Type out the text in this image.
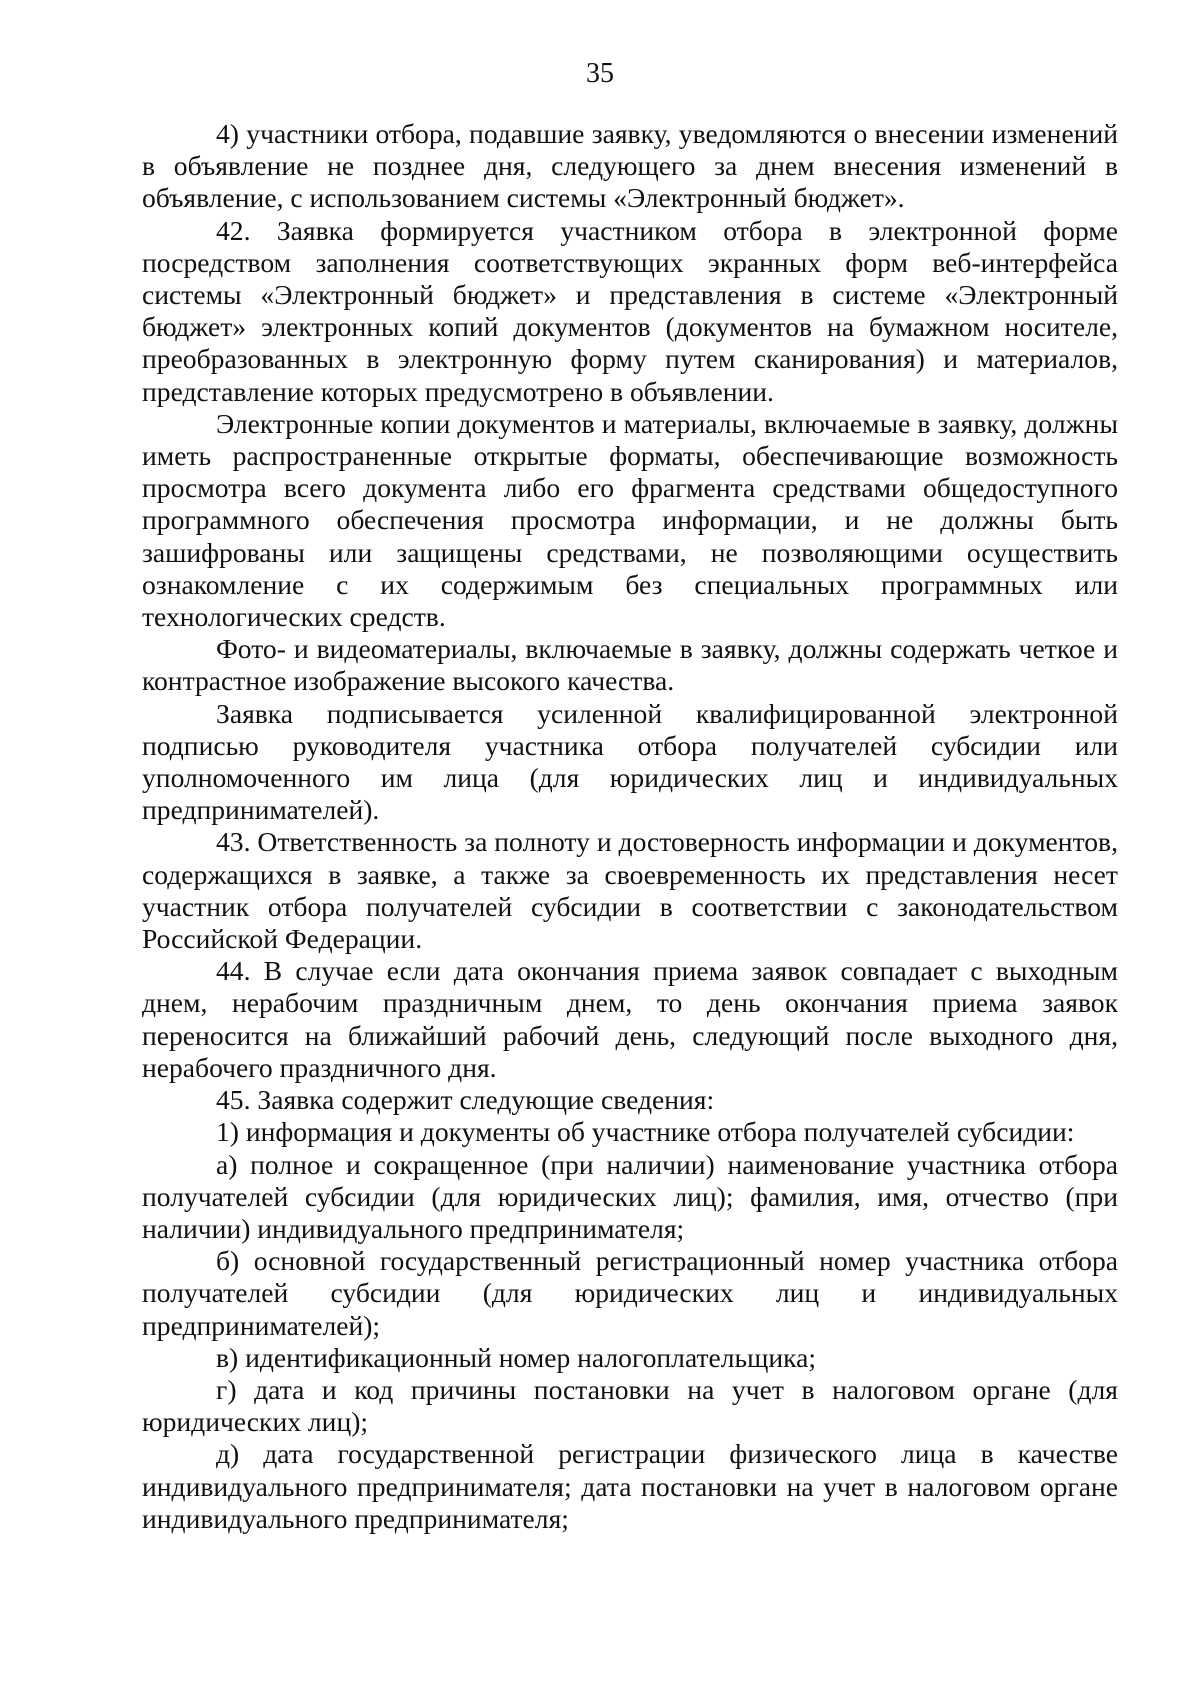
35

4) участники отбора, подавшие заявку, уведомляются о внесении изменений в объявление не позднее дня, следующего за днем внесения изменений в объявление, с использованием системы «Электронный бюджет».

42. Заявка формируется участником отбора в электронной форме посредством заполнения соответствующих экранных форм веб-интерфейса системы «Электронный бюджет» и представления в системе «Электронный бюджет» электронных копий документов (документов на бумажном носителе, преобразованных в электронную форму путем сканирования) и материалов, представление которых предусмотрено в объявлении.

Электронные копии документов и материалы, включаемые в заявку, должны иметь распространенные открытые форматы, обеспечивающие возможность просмотра всего документа либо его фрагмента средствами общедоступного программного обеспечения просмотра информации, и не должны быть зашифрованы или защищены средствами, не позволяющими осуществить ознакомление с их содержимым без специальных программных или технологических средств.

Фото- и видеоматериалы, включаемые в заявку, должны содержать четкое и контрастное изображение высокого качества.

Заявка подписывается усиленной квалифицированной электронной подписью руководителя участника отбора получателей субсидии или уполномоченного им лица (для юридических лиц и индивидуальных предпринимателей).

43. Ответственность за полноту и достоверность информации и документов, содержащихся в заявке, а также за своевременность их представления несет участник отбора получателей субсидии в соответствии с законодательством Российской Федерации.

44. В случае если дата окончания приема заявок совпадает с выходным днем, нерабочим праздничным днем, то день окончания приема заявок переносится на ближайший рабочий день, следующий после выходного дня, нерабочего праздничного дня.

45. Заявка содержит следующие сведения:

1) информация и документы об участнике отбора получателей субсидии:

а) полное и сокращенное (при наличии) наименование участника отбора получателей субсидии (для юридических лиц); фамилия, имя, отчество (при наличии) индивидуального предпринимателя;

б) основной государственный регистрационный номер участника отбора получателей субсидии (для юридических лиц и индивидуальных предпринимателей);

в) идентификационный номер налогоплательщика;

г) дата и код причины постановки на учет в налоговом органе (для юридических лиц);

д) дата государственной регистрации физического лица в качестве индивидуального предпринимателя; дата постановки на учет в налоговом органе индивидуального предпринимателя;
